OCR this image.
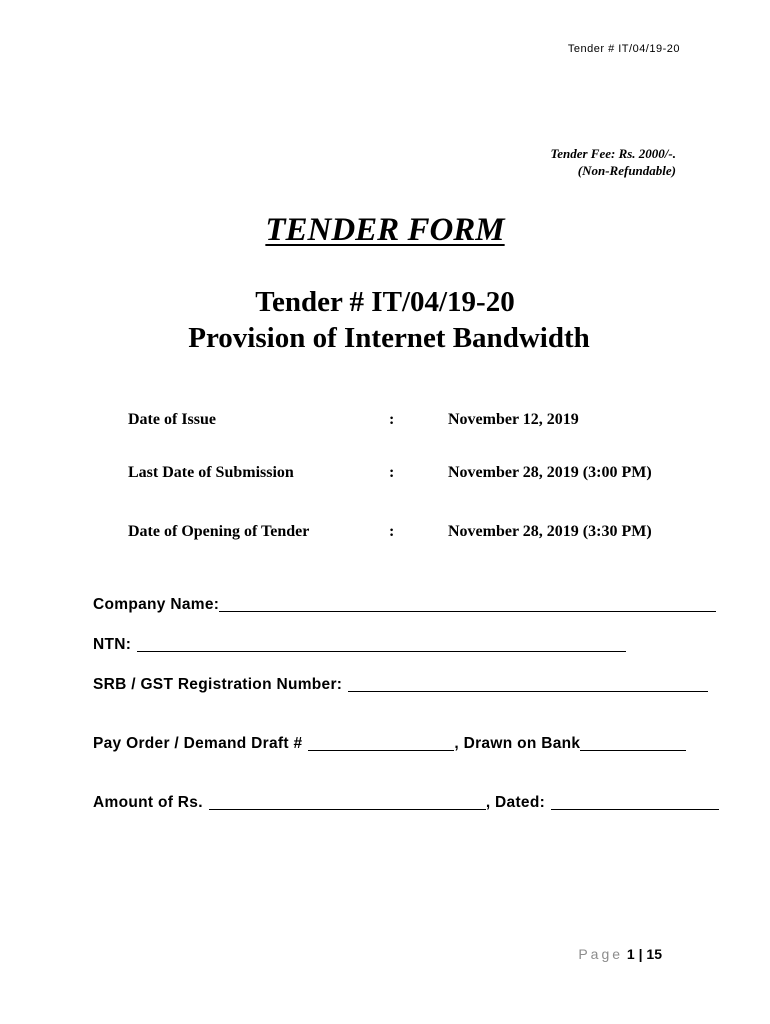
Tender # IT/04/19-20
Tender Fee: Rs. 2000/-.
(Non-Refundable)
TENDER FORM
Tender # IT/04/19-20
Provision of Internet Bandwidth
Date of Issue	:	November 12, 2019
Last Date of Submission	:	November 28, 2019 (3:00 PM)
Date of Opening of Tender	:	November 28, 2019 (3:30 PM)
Company Name:
NTN:
SRB / GST Registration Number:
Pay Order / Demand Draft #	, Drawn on Bank
Amount of Rs.	, Dated:
Page 1 | 15
